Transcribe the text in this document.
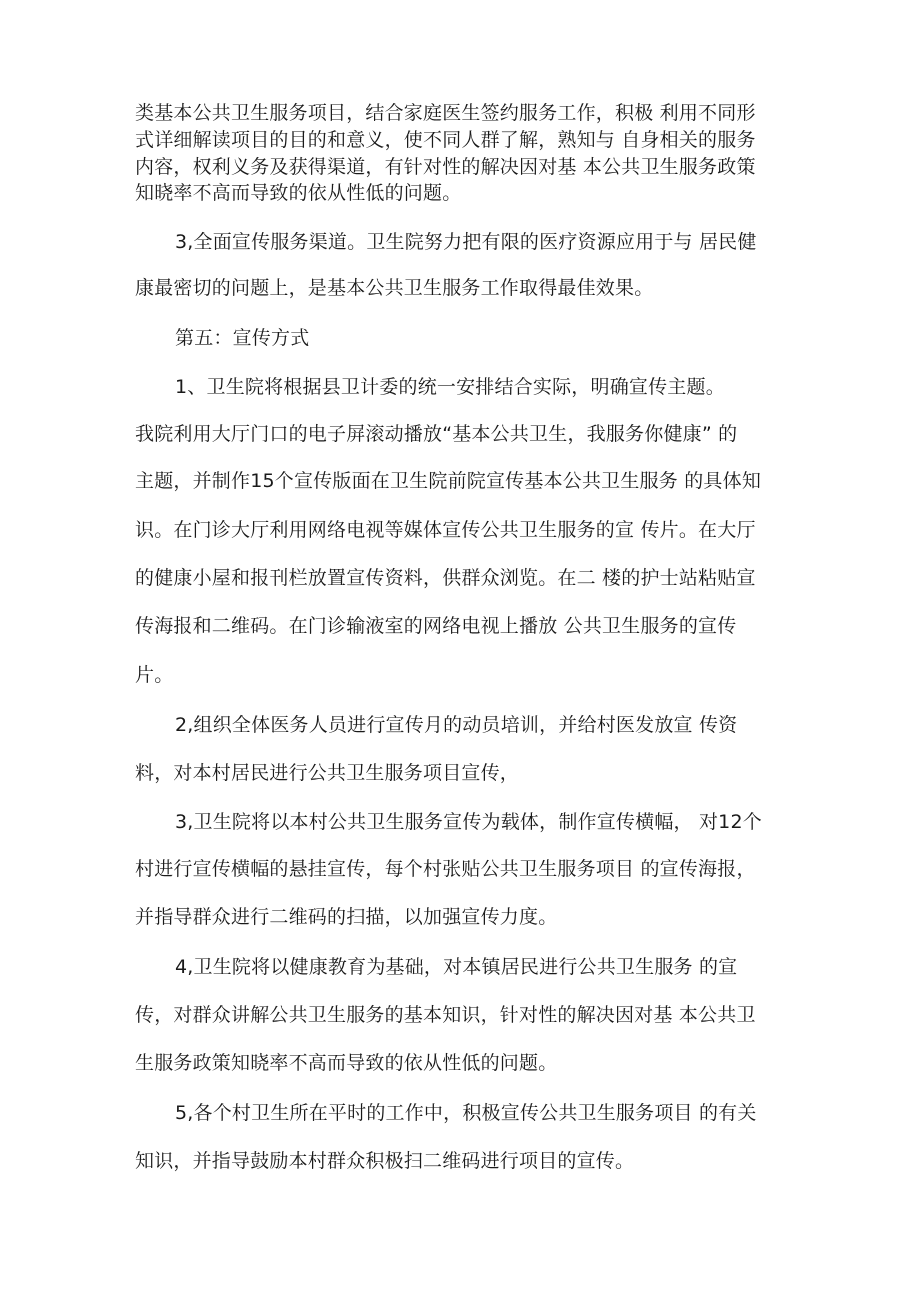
类基本公共卫生服务项目，结合家庭医生签约服务工作，积极 利用不同形

式详细解读项目的目的和意义，使不同人群了解，熟知与 自身相关的服务

内容，权利义务及获得渠道，有针对性的解决因对基 本公共卫生服务政策

知晓率不高而导致的依从性低的问题。

3,全面宣传服务渠道。卫生院努力把有限的医疗资源应用于与 居民健

康最密切的问题上，是基本公共卫生服务工作取得最佳效果。

第五：宣传方式

1、卫生院将根据县卫计委的统一安排结合实际，明确宣传主题。

我院利用大厅门口的电子屏滚动播放“基本公共卫生，我服务你健康” 的

主题，并制作15个宣传版面在卫生院前院宣传基本公共卫生服务 的具体知

识。在门诊大厅利用网络电视等媒体宣传公共卫生服务的宣 传片。在大厅

的健康小屋和报刊栏放置宣传资料，供群众浏览。在二 楼的护士站粘贴宣

传海报和二维码。在门诊输液室的网络电视上播放 公共卫生服务的宣传

片。

2,组织全体医务人员进行宣传月的动员培训，并给村医发放宣 传资

料，对本村居民进行公共卫生服务项目宣传，

3,卫生院将以本村公共卫生服务宣传为载体，制作宣传横幅， 对12个

村进行宣传横幅的悬挂宣传，每个村张贴公共卫生服务项目 的宣传海报，

并指导群众进行二维码的扫描，以加强宣传力度。

4,卫生院将以健康教育为基础，对本镇居民进行公共卫生服务 的宣

传，对群众讲解公共卫生服务的基本知识，针对性的解决因对基 本公共卫

生服务政策知晓率不高而导致的依从性低的问题。

5,各个村卫生所在平时的工作中，积极宣传公共卫生服务项目 的有关

知识，并指导鼓励本村群众积极扫二维码进行项目的宣传。
